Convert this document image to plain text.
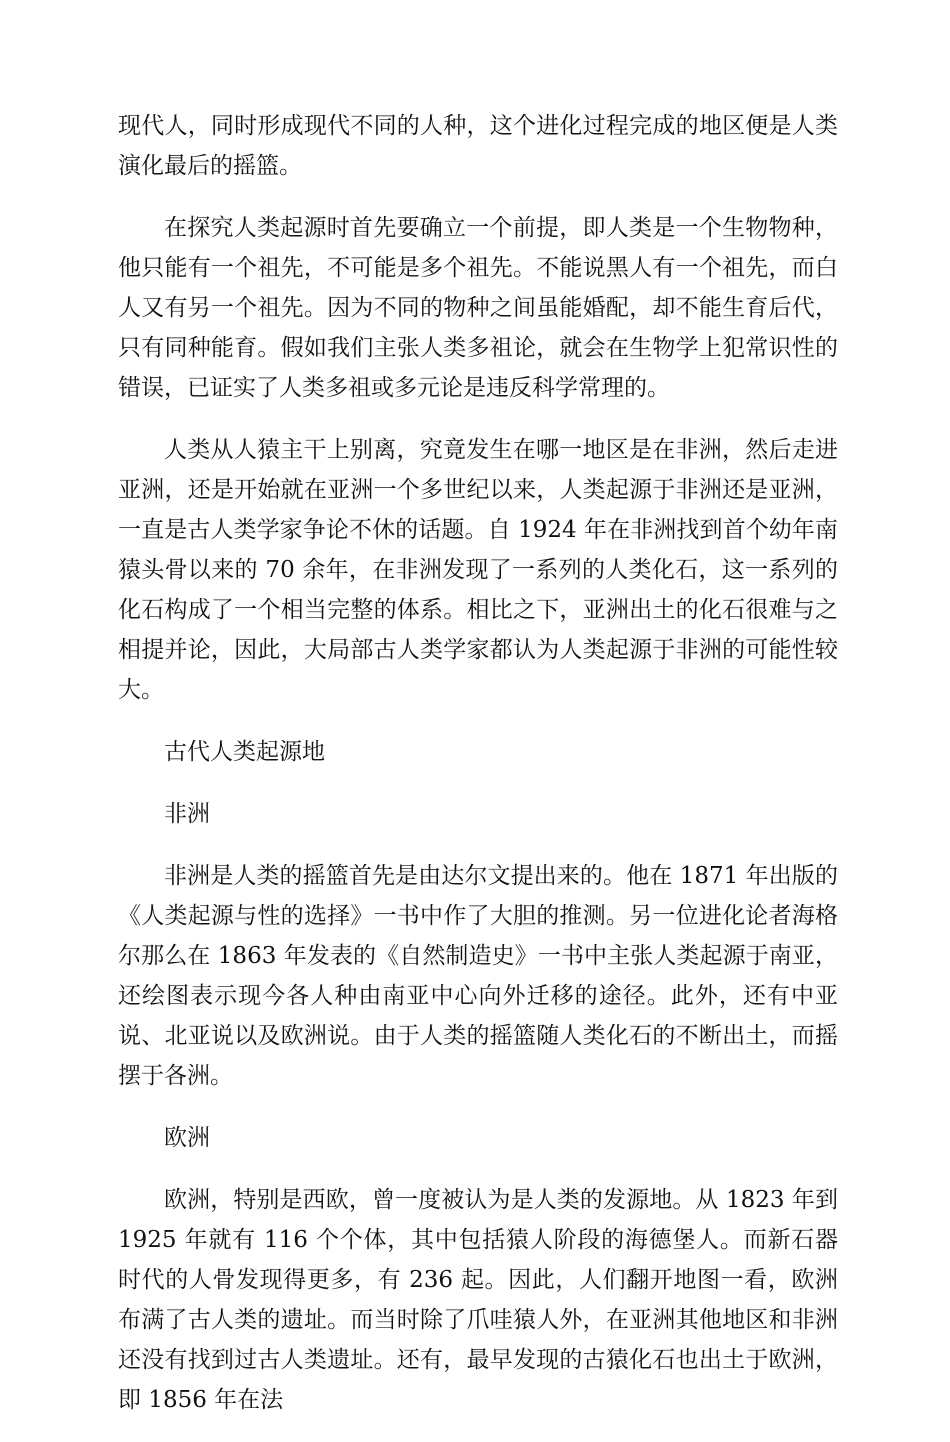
现代人，同时形成现代不同的人种，这个进化过程完成的地区便是人类演化最后的摇篮。

在探究人类起源时首先要确立一个前提，即人类是一个生物物种，他只能有一个祖先，不可能是多个祖先。不能说黑人有一个祖先，而白人又有另一个祖先。因为不同的物种之间虽能婚配，却不能生育后代，只有同种能育。假如我们主张人类多祖论，就会在生物学上犯常识性的错误，已证实了人类多祖或多元论是违反科学常理的。

人类从人猿主干上别离，究竟发生在哪一地区是在非洲，然后走进亚洲，还是开始就在亚洲一个多世纪以来，人类起源于非洲还是亚洲，一直是古人类学家争论不休的话题。自 1924 年在非洲找到首个幼年南猿头骨以来的 70 余年，在非洲发现了一系列的人类化石，这一系列的化石构成了一个相当完整的体系。相比之下，亚洲出土的化石很难与之相提并论，因此，大局部古人类学家都认为人类起源于非洲的可能性较大。

古代人类起源地

非洲

非洲是人类的摇篮首先是由达尔文提出来的。他在 1871 年出版的《人类起源与性的选择》一书中作了大胆的推测。另一位进化论者海格尔那么在 1863 年发表的《自然制造史》一书中主张人类起源于南亚，还绘图表示现今各人种由南亚中心向外迁移的途径。此外，还有中亚说、北亚说以及欧洲说。由于人类的摇篮随人类化石的不断出土，而摇摆于各洲。

欧洲

欧洲，特别是西欧，曾一度被认为是人类的发源地。从 1823 年到 1925 年就有 116 个个体，其中包括猿人阶段的海德堡人。而新石器时代的人骨发现得更多，有 236 起。因此，人们翻开地图一看，欧洲布满了古人类的遗址。而当时除了爪哇猿人外，在亚洲其他地区和非洲还没有找到过古人类遗址。还有，最早发现的古猿化石也出土于欧洲，即 1856 年在法
